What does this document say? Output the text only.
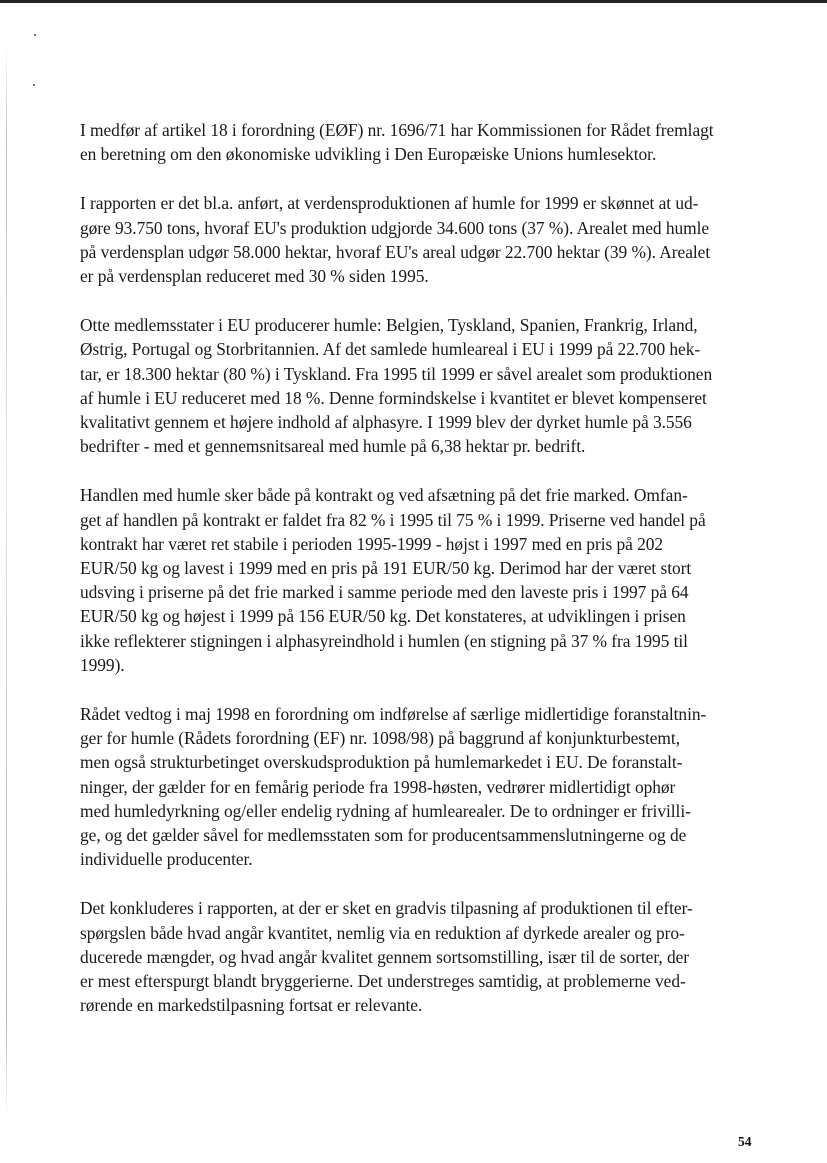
I medfør af artikel 18 i forordning (EØF) nr. 1696/71 har Kommissionen for Rådet fremlagt
en beretning om den økonomiske udvikling i Den Europæiske Unions humlesektor.

I rapporten er det bl.a. anført, at verdensproduktionen af humle for 1999 er skønnet at ud-
gøre 93.750 tons, hvoraf EU's produktion udgjorde 34.600 tons (37 %). Arealet med humle
på verdensplan udgør 58.000 hektar, hvoraf EU's areal udgør 22.700 hektar (39 %). Arealet
er på verdensplan reduceret med 30 % siden 1995.

Otte medlemsstater i EU producerer humle: Belgien, Tyskland, Spanien, Frankrig, Irland,
Østrig, Portugal og Storbritannien. Af det samlede humleareal i EU i 1999 på 22.700 hek-
tar, er 18.300 hektar (80 %) i Tyskland. Fra 1995 til 1999 er såvel arealet som produktionen
af humle i EU reduceret med 18 %. Denne formindskelse i kvantitet er blevet kompenseret
kvalitativt gennem et højere indhold af alphasyre. I 1999 blev der dyrket humle på 3.556
bedrifter - med et gennemsnitsareal med humle på 6,38 hektar pr. bedrift.

Handlen med humle sker både på kontrakt og ved afsætning på det frie marked. Omfan-
get af handlen på kontrakt er faldet fra 82 % i 1995 til 75 % i 1999. Priserne ved handel på
kontrakt har været ret stabile i perioden 1995-1999 - højst i 1997 med en pris på 202
EUR/50 kg og lavest i 1999 med en pris på 191 EUR/50 kg. Derimod har der været stort
udsving i priserne på det frie marked i samme periode med den laveste pris i 1997 på 64
EUR/50 kg og højest i 1999 på 156 EUR/50 kg. Det konstateres, at udviklingen i prisen
ikke reflekterer stigningen i alphasyreindhold i humlen (en stigning på 37 % fra 1995 til
1999).

Rådet vedtog i maj 1998 en forordning om indførelse af særlige midlertidige foranstaltnin-
ger for humle (Rådets forordning (EF) nr. 1098/98) på baggrund af konjunkturbestemt,
men også strukturbetinget overskudsproduktion på humlemarkedet i EU. De foranstalt-
ninger, der gælder for en femårig periode fra 1998-høsten, vedrører midlertidigt ophør
med humledyrkning og/eller endelig rydning af humlearealer. De to ordninger er frivilli-
ge, og det gælder såvel for medlemsstaten som for producentsammenslutningerne og de
individuelle producenter.

Det konkluderes i rapporten, at der er sket en gradvis tilpasning af produktionen til efter-
spørgslen både hvad angår kvantitet, nemlig via en reduktion af dyrkede arealer og pro-
ducerede mængder, og hvad angår kvalitet gennem sortsomstilling, især til de sorter, der
er mest efterspurgt blandt bryggerierne. Det understreges samtidig, at problemerne ved-
rørende en markedstilpasning fortsat er relevante.

54
